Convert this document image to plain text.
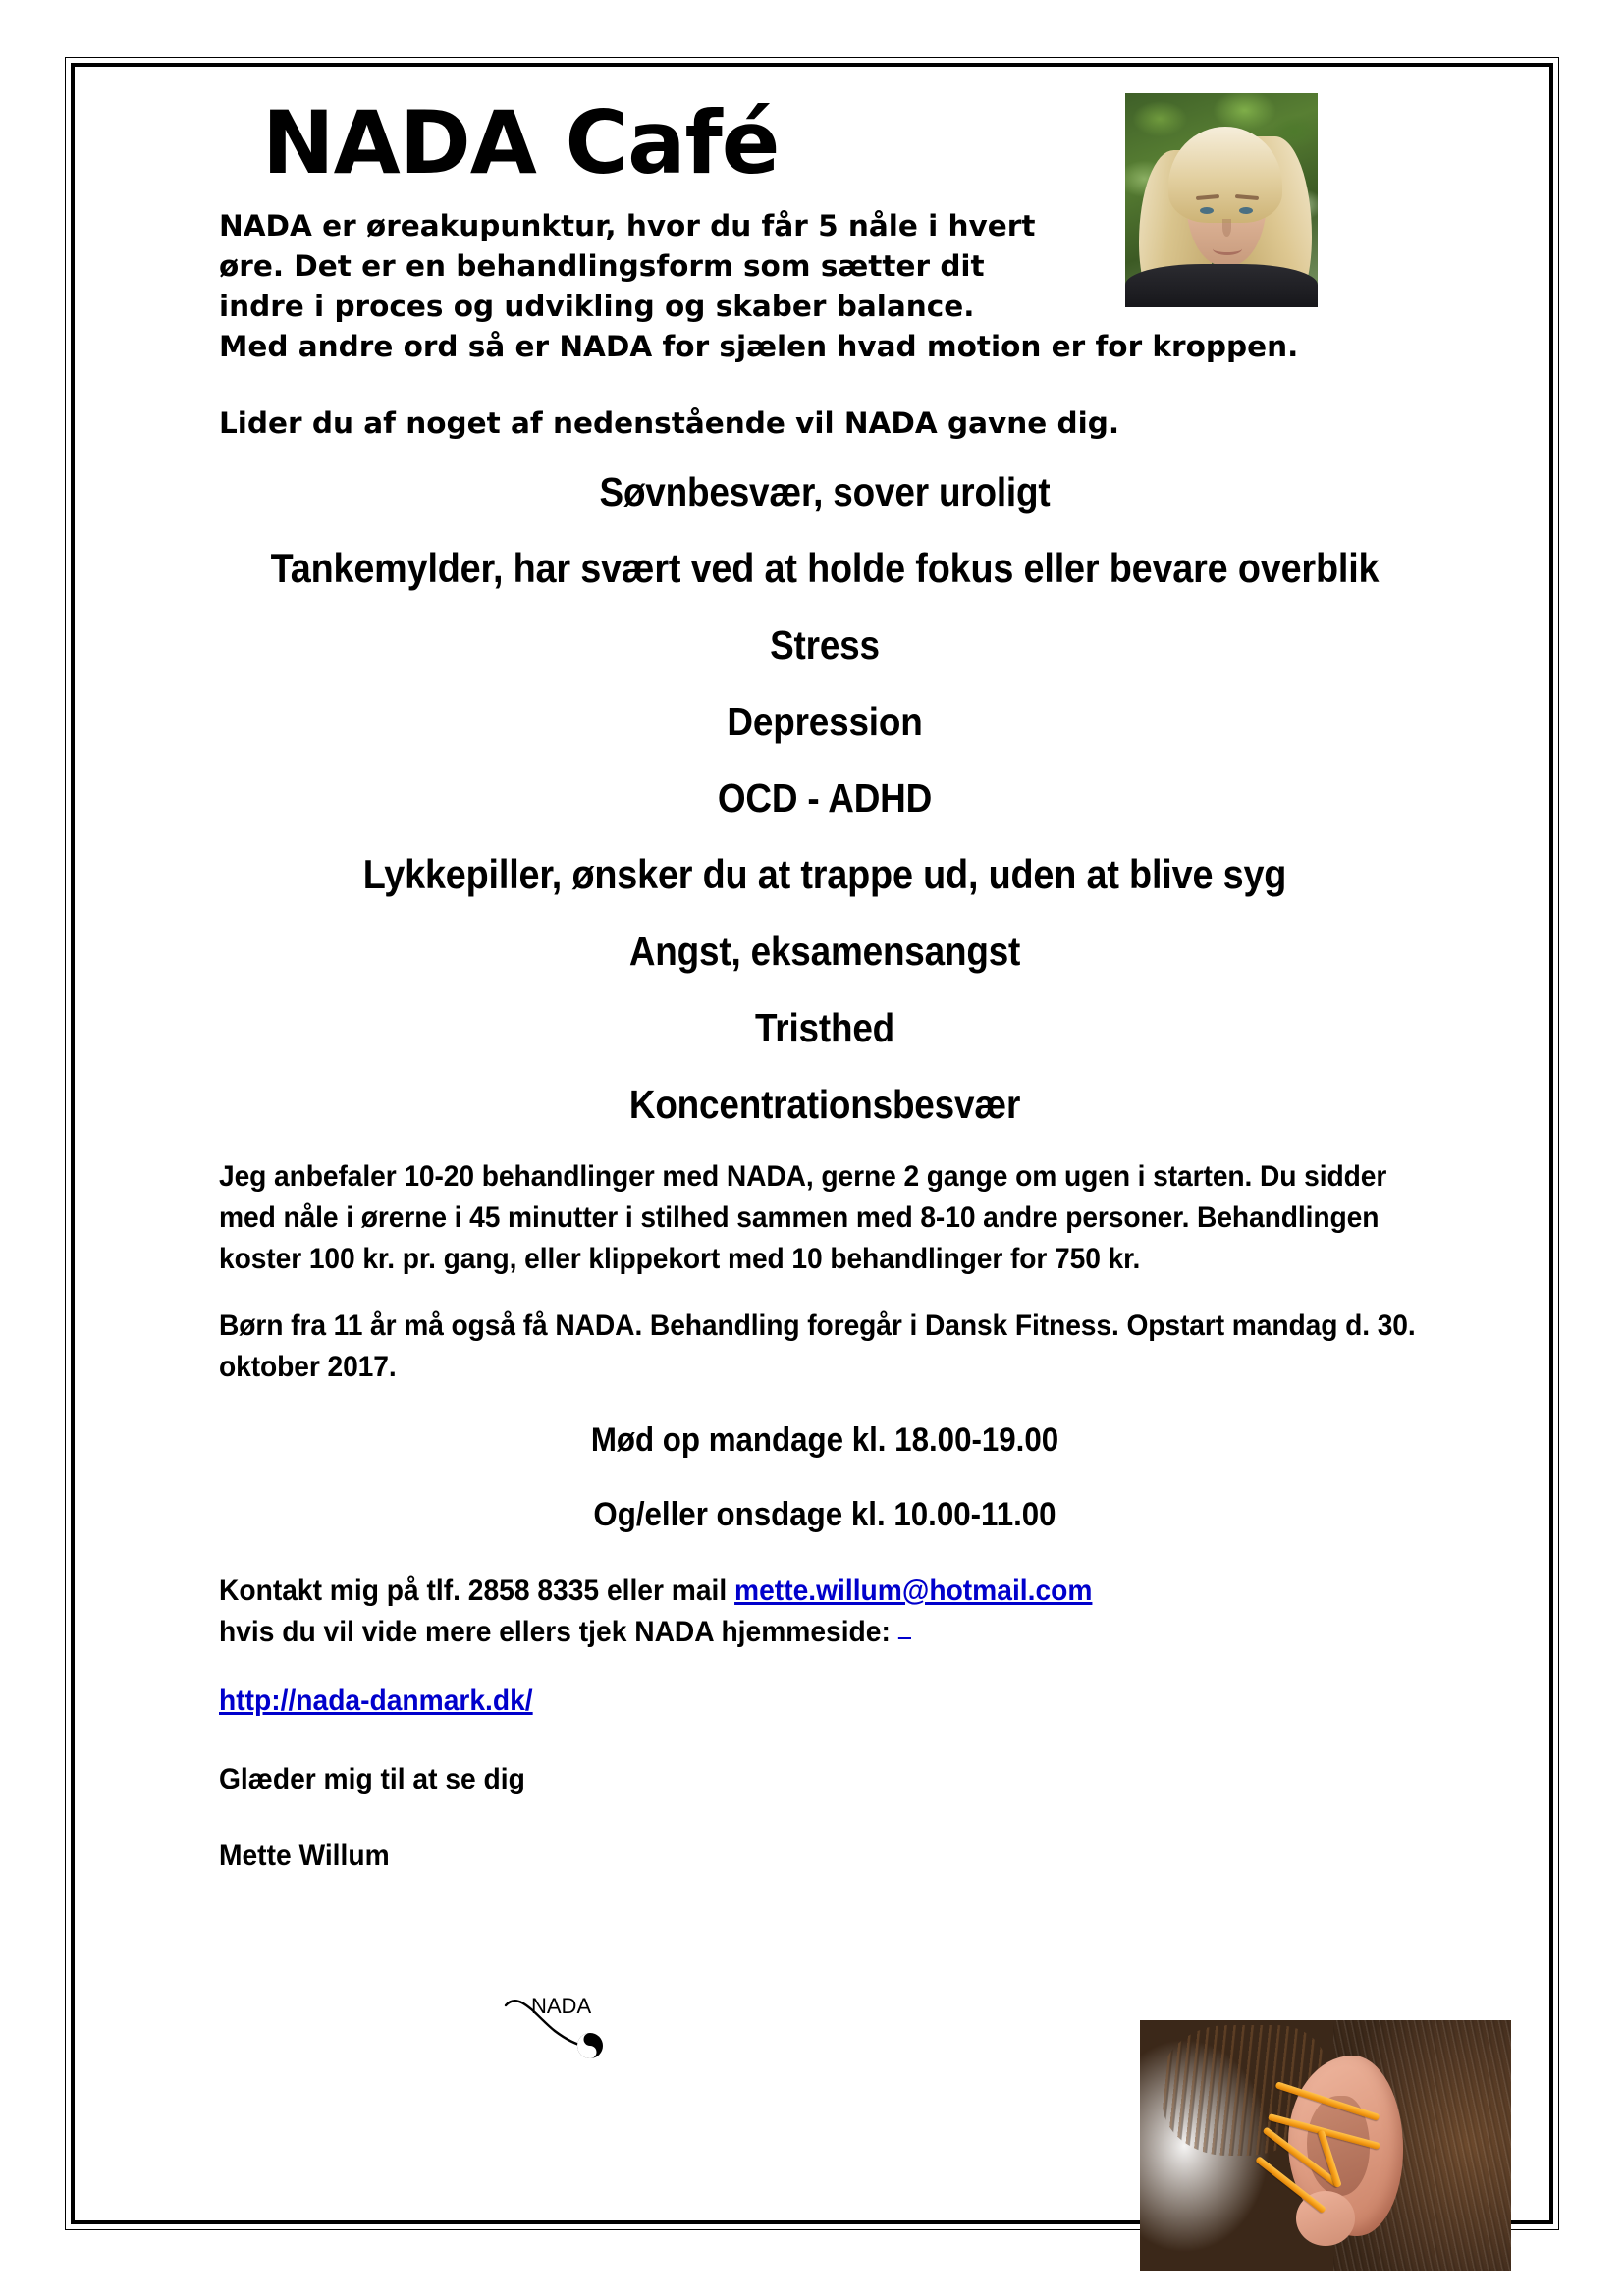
NADA Café

NADA er øreakupunktur, hvor du får 5 nåle i hvert

øre. Det er en behandlingsform som sætter dit

indre i proces og udvikling og skaber balance.

Med andre ord så er NADA for sjælen hvad motion er for kroppen.

Lider du af noget af nedenstående vil NADA gavne dig.
Søvnbesvær, sover uroligt
Tankemylder, har svært ved at holde fokus eller bevare overblik
Stress
Depression
OCD - ADHD
Lykkepiller, ønsker du at trappe ud, uden at blive syg
Angst, eksamensangst
Tristhed
Koncentrationsbesvær

Jeg anbefaler 10-20 behandlinger med NADA, gerne 2 gange om ugen i starten. Du sidder med nåle i ørerne i 45 minutter i stilhed sammen med 8-10 andre personer. Behandlingen koster 100 kr. pr. gang, eller klippekort med 10 behandlinger for 750 kr.

Børn fra 11 år må også få NADA. Behandling foregår i Dansk Fitness. Opstart mandag d. 30. oktober 2017.

Mød op mandage kl. 18.00-19.00
Og/eller onsdage kl. 10.00-11.00
Kontakt mig på tlf. 2858 8335 eller mail mette.willum@hotmail.com
hvis du vil vide mere ellers tjek NADA hjemmeside:
http://nada-danmark.dk/
Glæder mig til at se dig
Mette Willum
NADA
